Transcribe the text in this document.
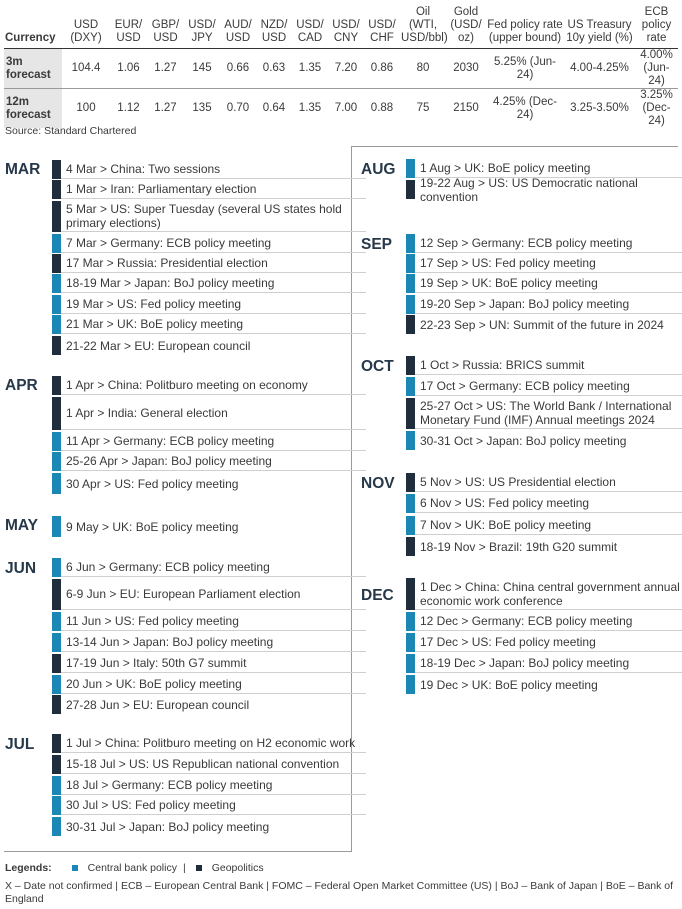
Currency	USD (DXY)	EUR/ USD	GBP/ USD	USD/ JPY	AUD/ USD	NZD/ USD	USD/ CAD	USD/ CNY	USD/ CHF	Oil (WTI, USD/bbl)	Gold (USD/ oz)	Fed policy rate (upper bound)	US Treasury 10y yield (%)	ECB policy rate
3m forecast	104.4	1.06	1.27	145	0.66	0.63	1.35	7.20	0.86	80	2030	5.25% (Jun-24)	4.00-4.25%	4.00% (Jun-24)
12m forecast	100	1.12	1.27	135	0.70	0.64	1.35	7.00	0.88	75	2150	4.25% (Dec-24)	3.25-3.50%	3.25% (Dec-24)
Source: Standard Chartered
MAR	4 Mar > China: Two sessions
1 Mar > Iran: Parliamentary election
5 Mar > US: Super Tuesday (several US states hold primary elections)
7 Mar > Germany: ECB policy meeting
17 Mar > Russia: Presidential election
18-19 Mar > Japan: BoJ policy meeting
19 Mar > US: Fed policy meeting
21 Mar > UK: BoE policy meeting
21-22 Mar > EU: European council
APR	1 Apr > China: Politburo meeting on economy
1 Apr > India: General election
11 Apr > Germany: ECB policy meeting
25-26 Apr > Japan: BoJ policy meeting
30 Apr > US: Fed policy meeting
MAY	9 May > UK: BoE policy meeting
JUN	6 Jun > Germany: ECB policy meeting
6-9 Jun > EU: European Parliament election
11 Jun > US: Fed policy meeting
13-14 Jun > Japan: BoJ policy meeting
17-19 Jun > Italy: 50th G7 summit
20 Jun > UK: BoE policy meeting
27-28 Jun > EU: European council
JUL	1 Jul > China: Politburo meeting on H2 economic work
15-18 Jul > US: US Republican national convention
18 Jul > Germany: ECB policy meeting
30 Jul > US: Fed policy meeting
30-31 Jul > Japan: BoJ policy meeting
AUG	1 Aug > UK: BoE policy meeting
19-22 Aug > US: US Democratic national convention
SEP	12 Sep > Germany: ECB policy meeting
17 Sep > US: Fed policy meeting
19 Sep > UK: BoE policy meeting
19-20 Sep > Japan: BoJ policy meeting
22-23 Sep > UN: Summit of the future in 2024
OCT	1 Oct > Russia: BRICS summit
17 Oct > Germany: ECB policy meeting
25-27 Oct > US: The World Bank / International Monetary Fund (IMF) Annual meetings 2024
30-31 Oct > Japan: BoJ policy meeting
NOV	5 Nov > US: US Presidential election
6 Nov > US: Fed policy meeting
7 Nov > UK: BoE policy meeting
18-19 Nov > Brazil: 19th G20 summit
DEC
1 Dec > China: China central government annual economic work conference
12 Dec > Germany: ECB policy meeting
17 Dec > US: Fed policy meeting
18-19 Dec > Japan: BoJ policy meeting
19 Dec > UK: BoE policy meeting
Legends:	Central bank policy | Geopolitics
X – Date not confirmed | ECB – European Central Bank | FOMC – Federal Open Market Committee (US) | BoJ – Bank of Japan | BoE – Bank of England
